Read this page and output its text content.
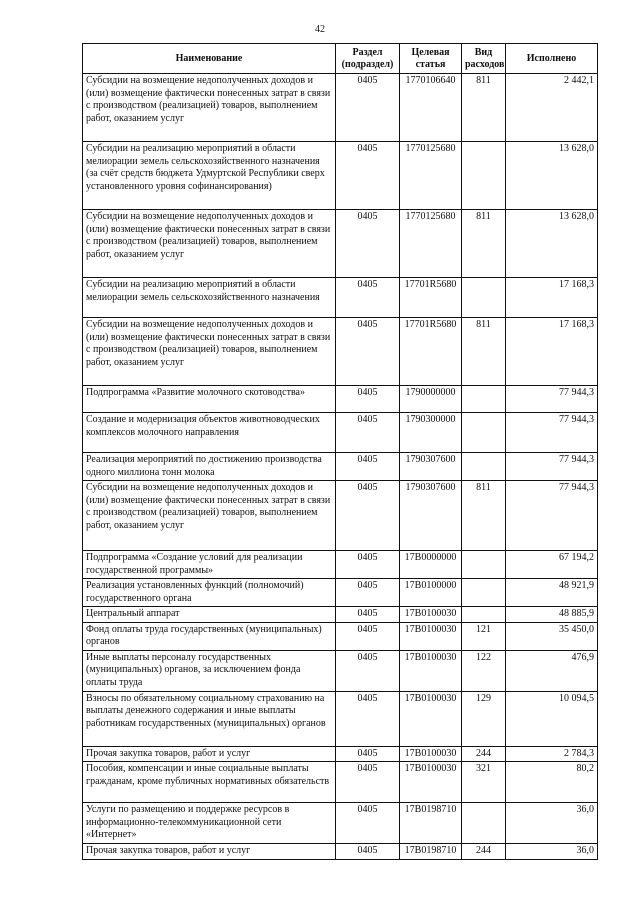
42
Наименование	Раздел (подраздел)	Целевая статья	Вид расходов	Исполнено
Субсидии на возмещение недополученных доходов и (или) возмещение фактически понесенных затрат в связи с производством (реализацией) товаров, выполнением работ, оказанием услуг	0405	1770106640	811	2 442,1
Субсидии на реализацию мероприятий в области мелиорации земель сельскохозяйственного назначения (за счёт средств бюджета Удмуртской Республики сверх установленного уровня софинансирования)	0405	1770125680		13 628,0
Субсидии на возмещение недополученных доходов и (или) возмещение фактически понесенных затрат в связи с производством (реализацией) товаров, выполнением работ, оказанием услуг	0405	1770125680	811	13 628,0
Субсидии на реализацию мероприятий в области мелиорации земель сельскохозяйственного назначения	0405	17701R5680		17 168,3
Субсидии на возмещение недополученных доходов и (или) возмещение фактически понесенных затрат в связи с производством (реализацией) товаров, выполнением работ, оказанием услуг	0405	17701R5680	811	17 168,3
Подпрограмма «Развитие молочного скотоводства»	0405	1790000000		77 944,3
Создание и модернизация объектов животноводческих комплексов молочного направления	0405	1790300000		77 944,3
Реализация мероприятий по достижению производства одного миллиона тонн молока	0405	1790307600		77 944,3
Субсидии на возмещение недополученных доходов и (или) возмещение фактически понесенных затрат в связи с производством (реализацией) товаров, выполнением работ, оказанием услуг	0405	1790307600	811	77 944,3
Подпрограмма «Создание условий для реализации государственной программы»	0405	17В0000000		67 194,2
Реализация установленных функций (полномочий) государственного органа	0405	17В0100000		48 921,9
Центральный аппарат	0405	17В0100030		48 885,9
Фонд оплаты труда государственных (муниципальных) органов	0405	17В0100030	121	35 450,0
Иные выплаты персоналу государственных (муниципальных) органов, за исключением фонда оплаты труда	0405	17В0100030	122	476,9
Взносы по обязательному социальному страхованию на выплаты денежного содержания и иные выплаты работникам государственных (муниципальных) органов	0405	17В0100030	129	10 094,5
Прочая закупка товаров, работ и услуг	0405	17В0100030	244	2 784,3
Пособия, компенсации и иные социальные выплаты гражданам, кроме публичных нормативных обязательств	0405	17В0100030	321	80,2
Услуги по размещению и поддержке ресурсов в информационно-телекоммуникационной сети «Интернет»	0405	17В0198710		36,0
Прочая закупка товаров, работ и услуг	0405	17В0198710	244	36,0
